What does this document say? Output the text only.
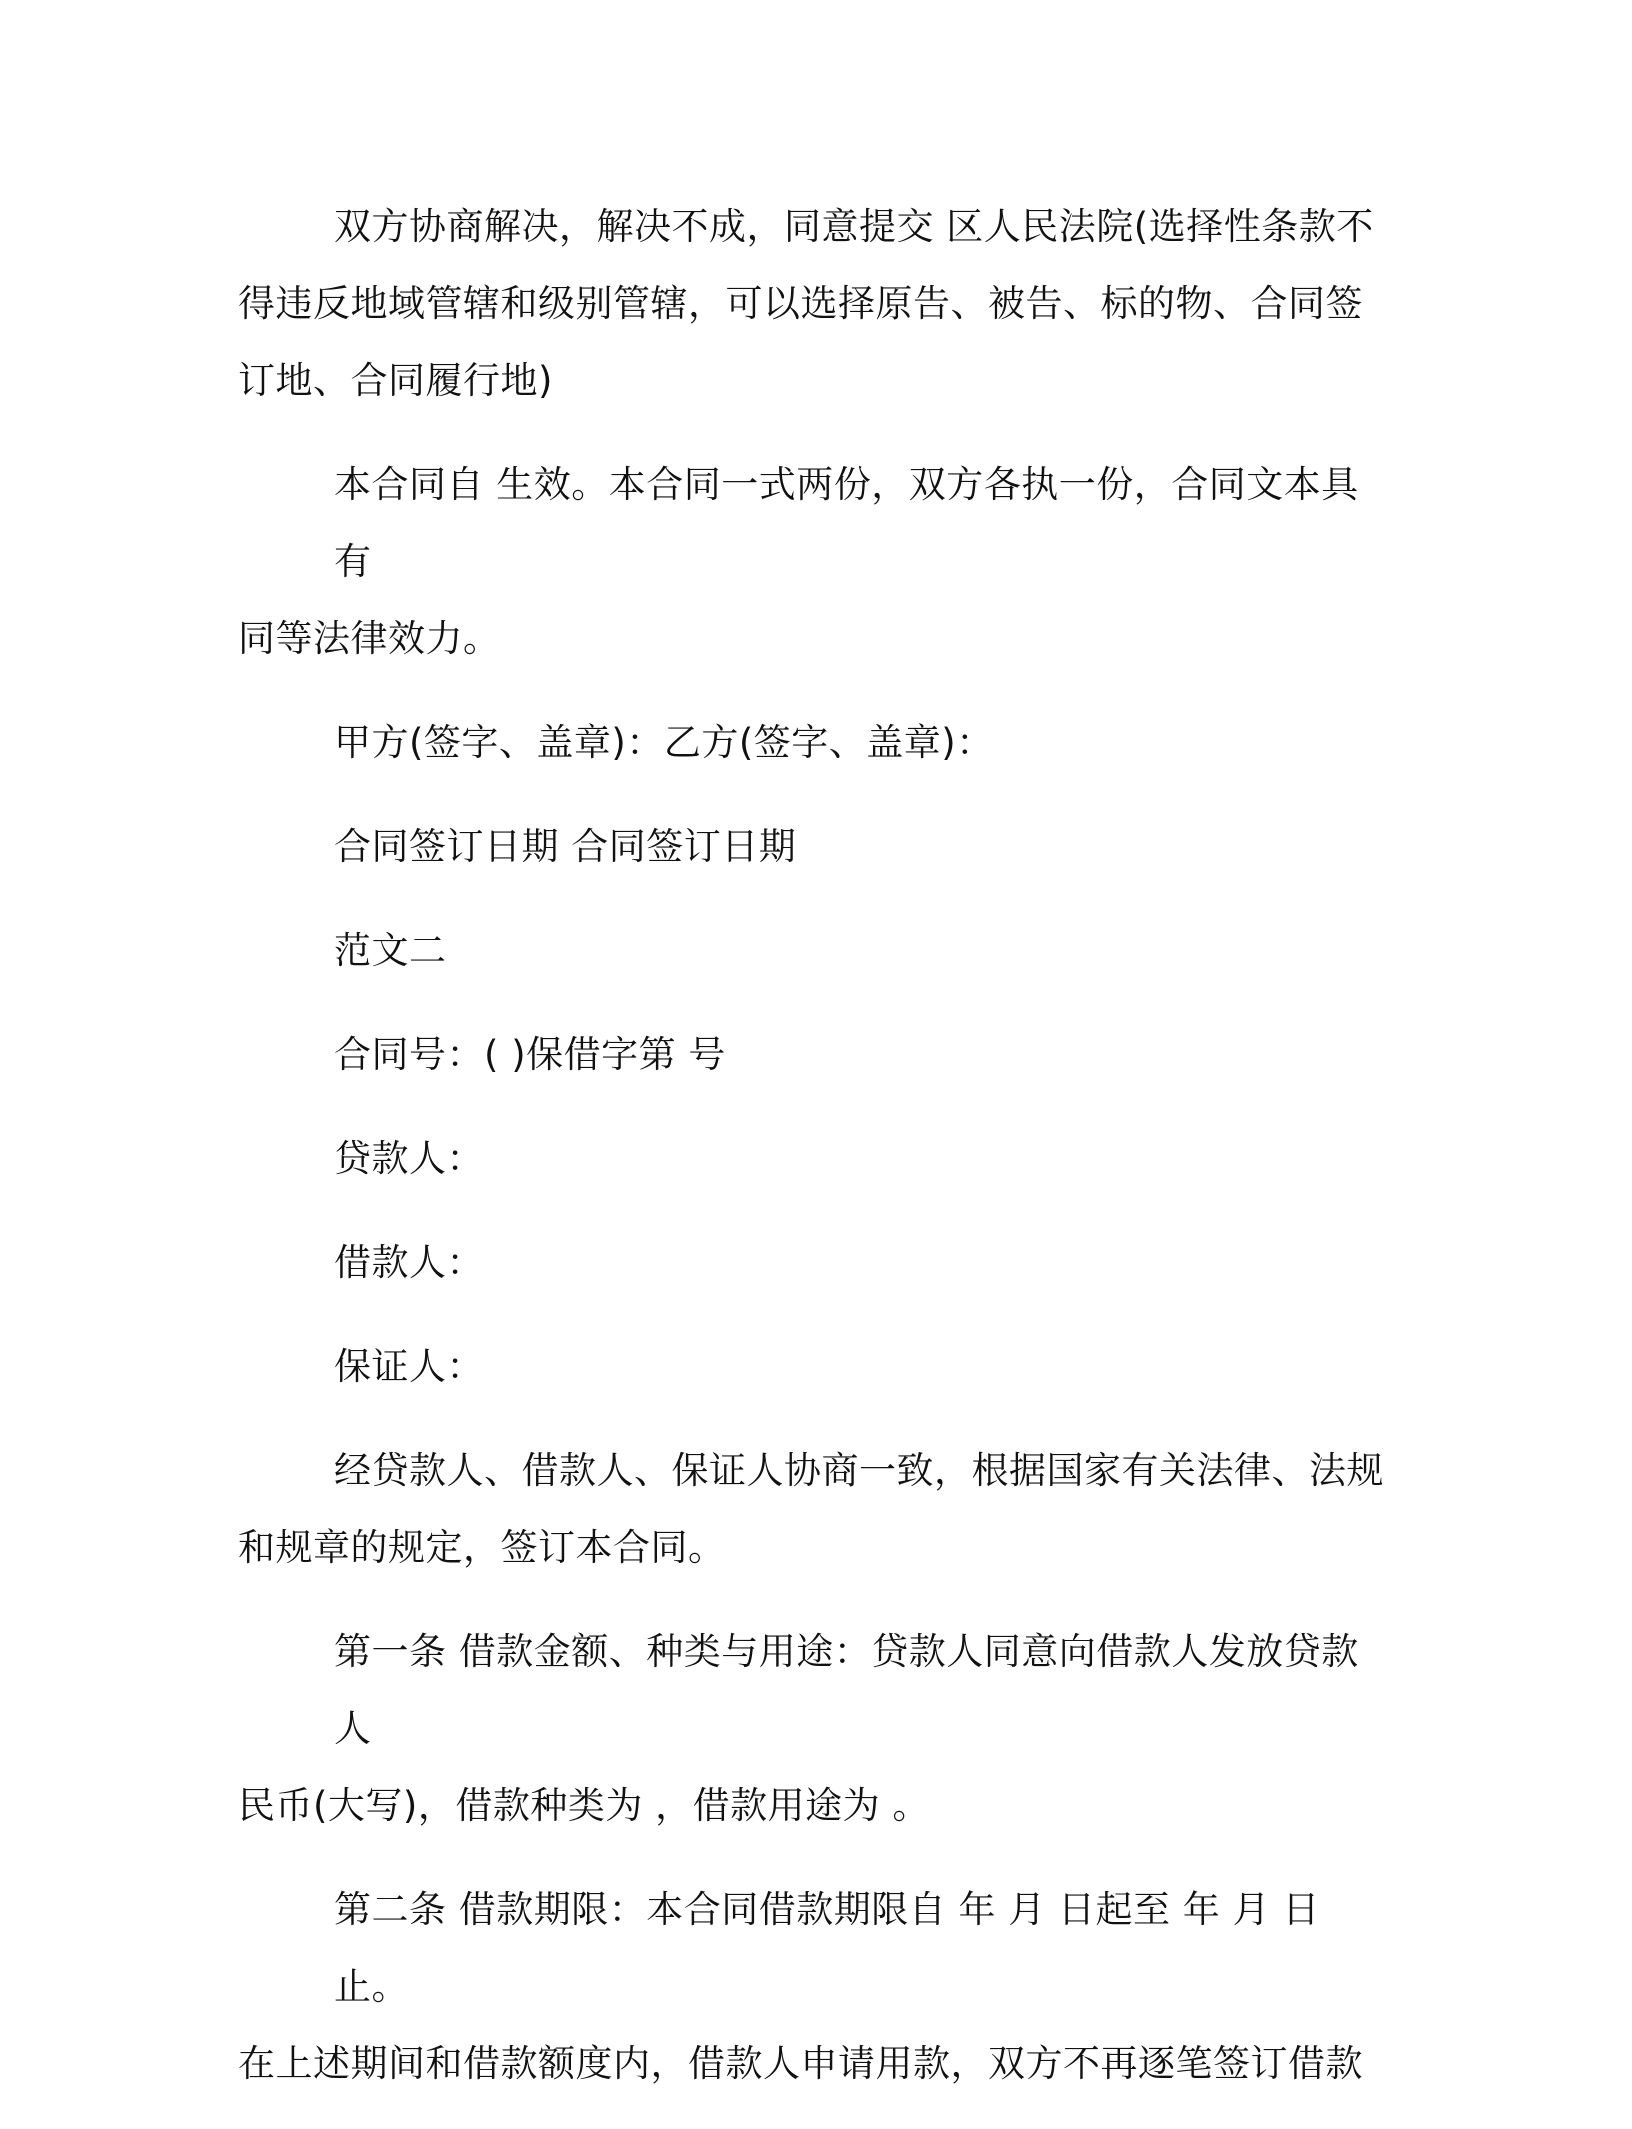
双方协商解决，解决不成，同意提交 区人民法院(选择性条款不
得违反地域管辖和级别管辖，可以选择原告、被告、标的物、合同签
订地、合同履行地)

本合同自 生效。本合同一式两份，双方各执一份，合同文本具有
同等法律效力。

甲方(签字、盖章)：乙方(签字、盖章)：

合同签订日期 合同签订日期

范文二

合同号：( )保借字第 号

贷款人：

借款人：

保证人：

经贷款人、借款人、保证人协商一致，根据国家有关法律、法规
和规章的规定，签订本合同。

第一条 借款金额、种类与用途：贷款人同意向借款人发放贷款人
民币(大写)，借款种类为 ，借款用途为 。

第二条 借款期限：本合同借款期限自 年 月 日起至 年 月 日止。
在上述期间和借款额度内，借款人申请用款，双方不再逐笔签订借款
